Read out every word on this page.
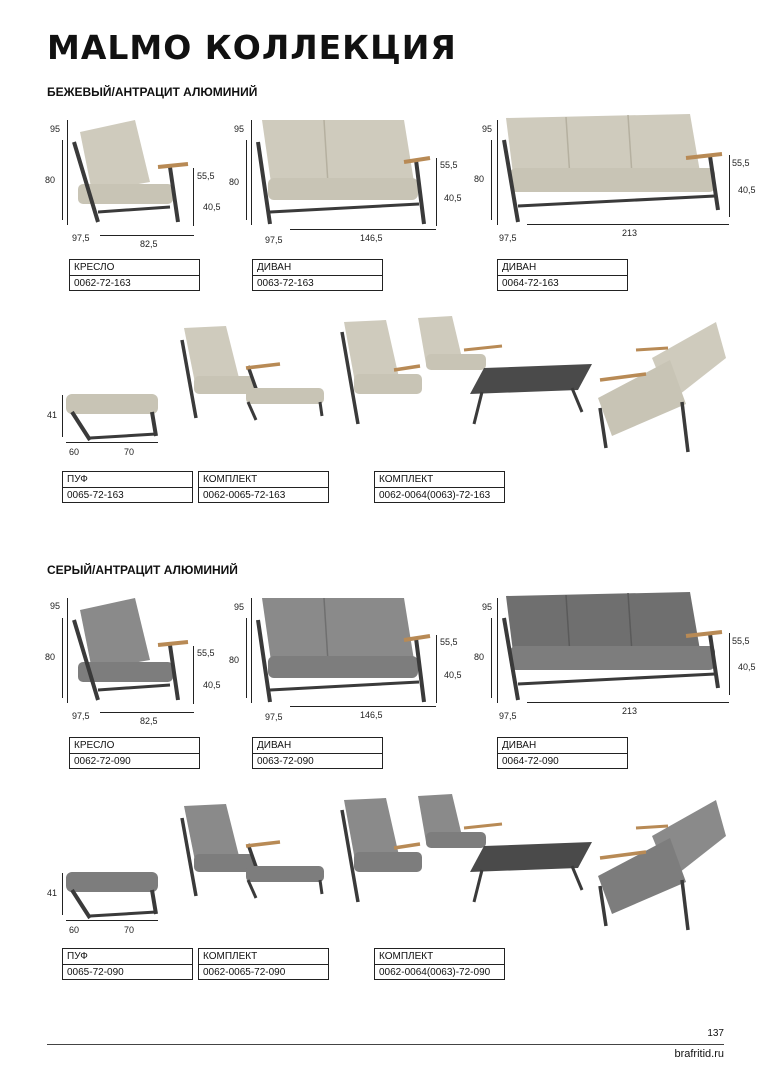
MALMO КОЛЛЕКЦИЯ
БЕЖЕВЫЙ/АНТРАЦИТ АЛЮМИНИЙ
95
80	55,5
40,5
97,5
82,5
95
80
55,5
40,5
97,5	146,5
95
80
55,5
40,5
97,5	213
КРЕСЛО
0062-72-163
ДИВАН
0063-72-163
ДИВАН
0064-72-163
41
60	70
ПУФ
0065-72-163
КОМПЛЕКТ
0062-0065-72-163
КОМПЛЕКТ
0062-0064(0063)-72-163
СЕРЫЙ/АНТРАЦИТ АЛЮМИНИЙ
95
80	55,5
40,5
97,5	82,5
95
80
55,5
40,5
97,5	146,5
95
80
55,5
40,5
97,5	213
КРЕСЛО
0062-72-090
ДИВАН
0063-72-090
ДИВАН
0064-72-090
41
60	70
ПУФ
0065-72-090
КОМПЛЕКТ
0062-0065-72-090
КОМПЛЕКТ
0062-0064(0063)-72-090
137
brafritid.ru
